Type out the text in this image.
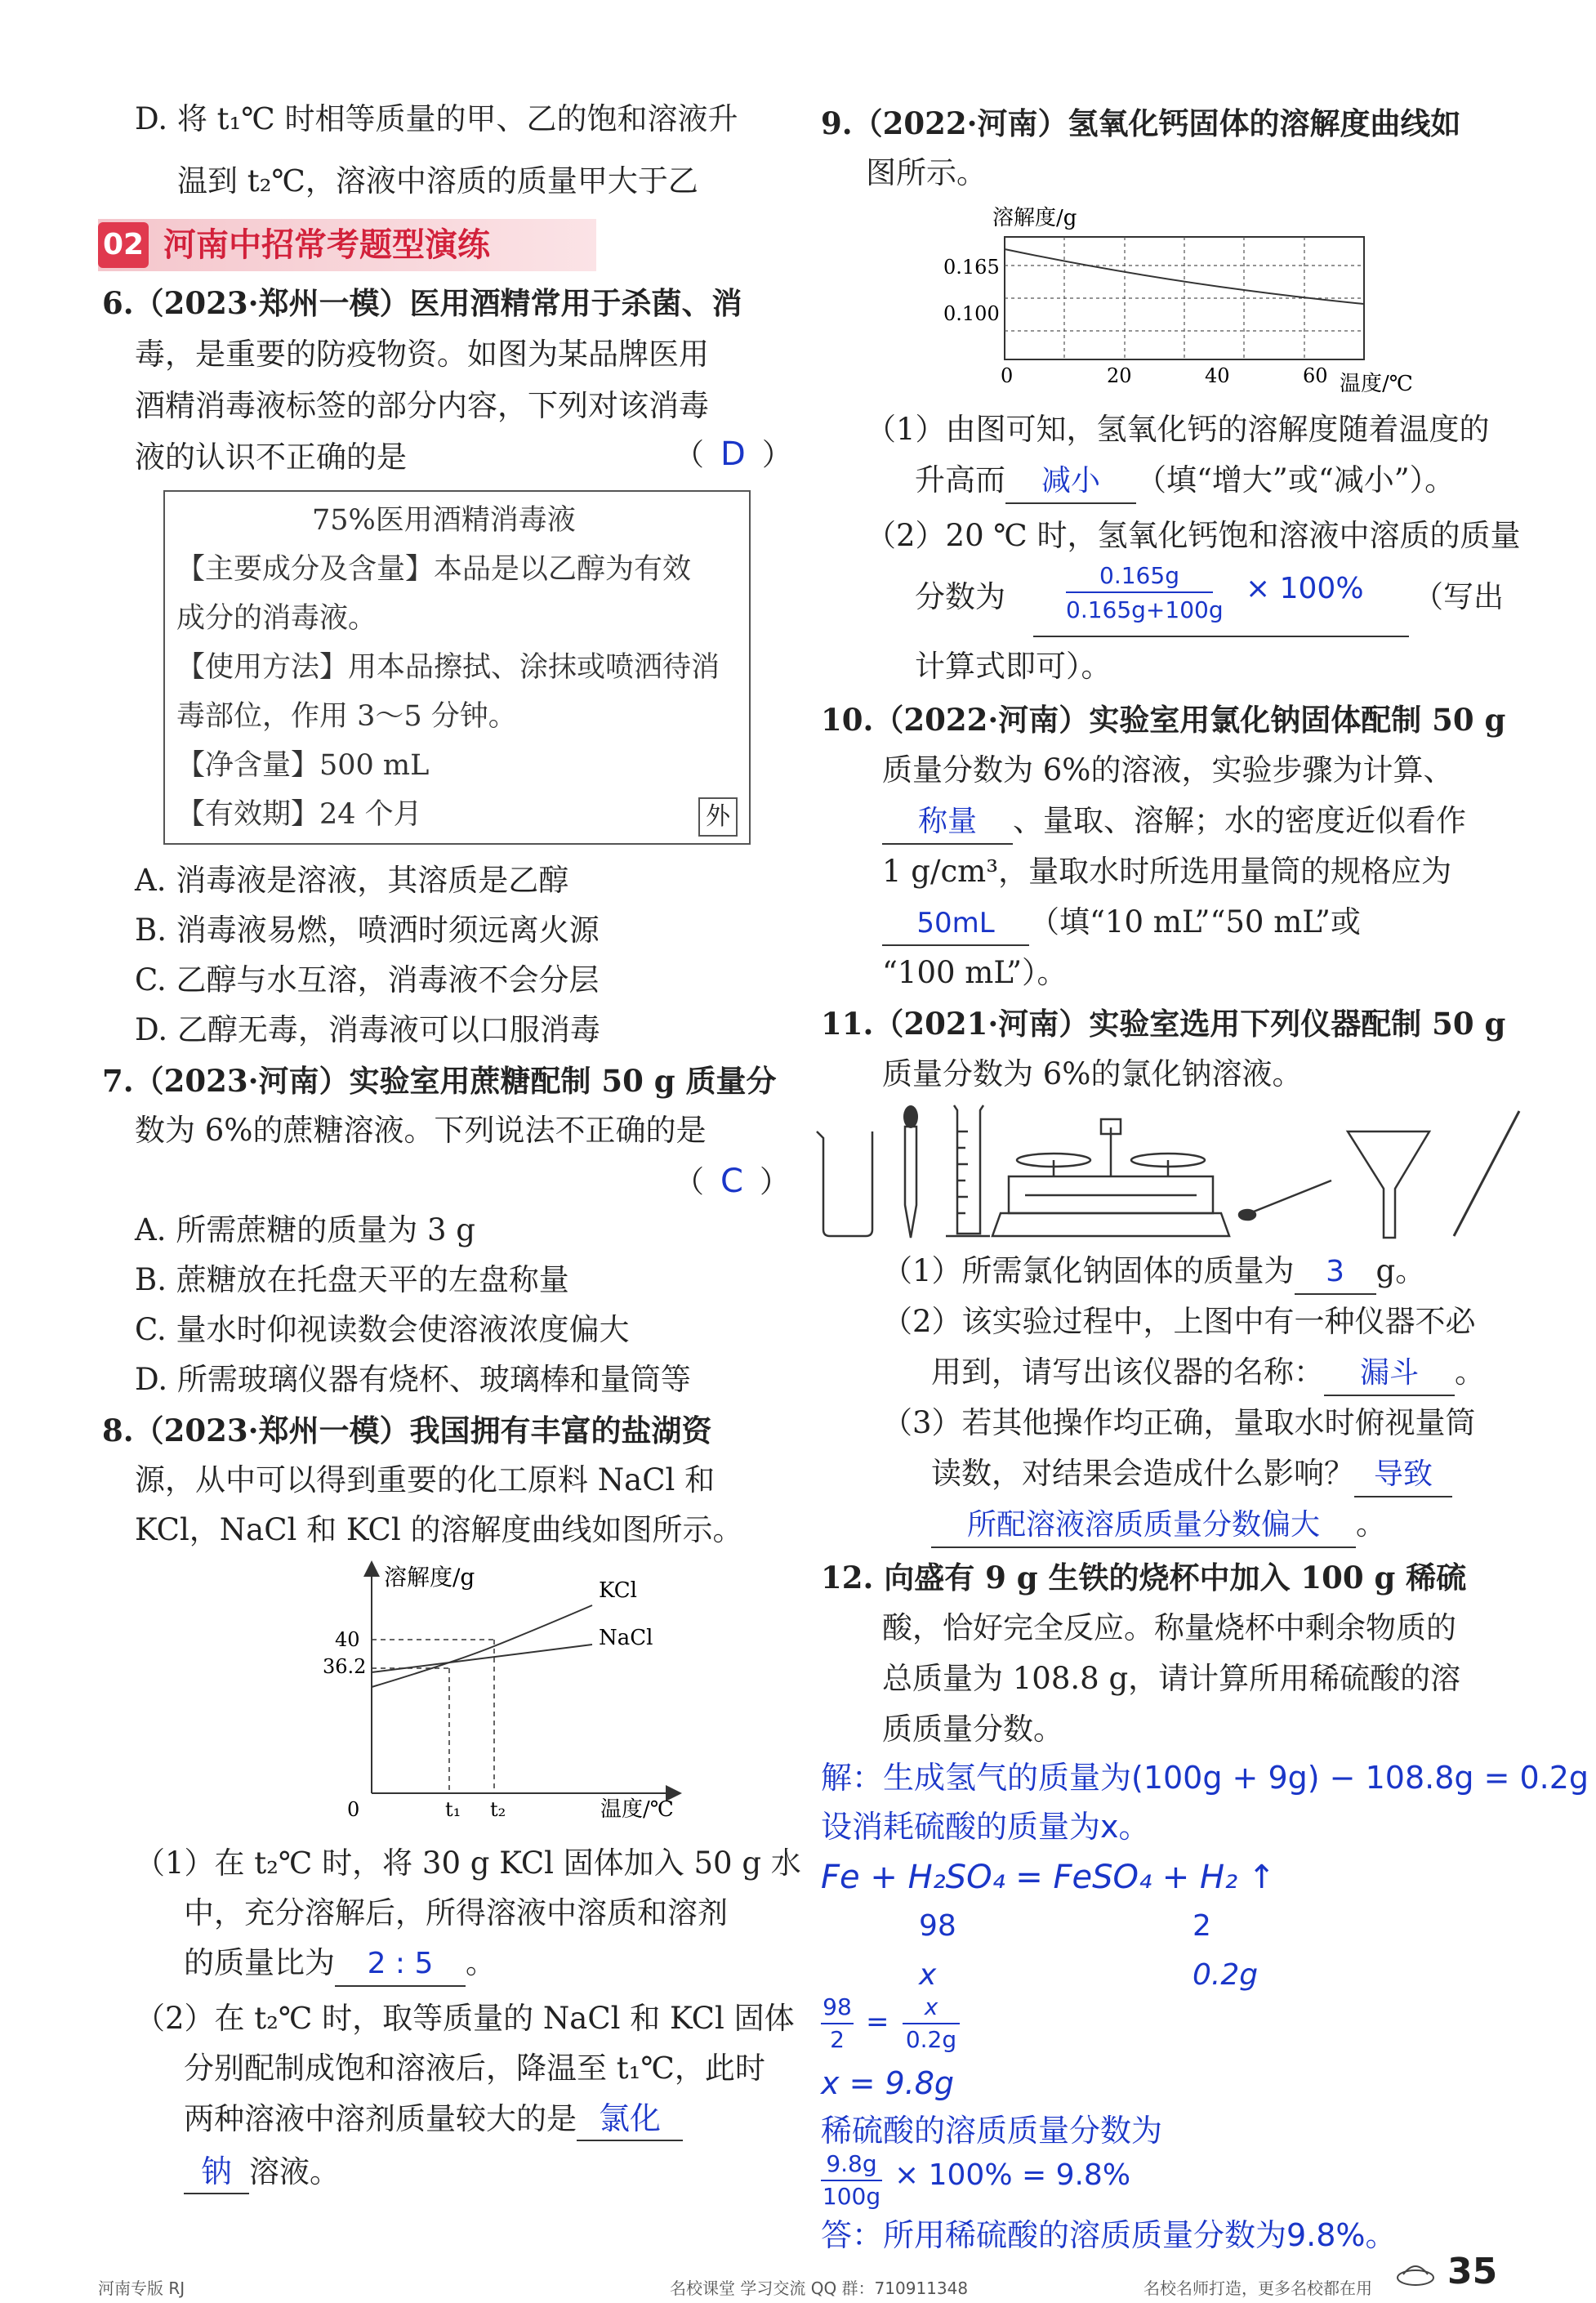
D. 将 t₁℃ 时相等质量的甲、乙的饱和溶液升
温到 t₂℃，溶液中溶质的质量甲大于乙
02 河南中招常考题型演练
6.（2023·郑州一模）医用酒精常用于杀菌、消
毒，是重要的防疫物资。如图为某品牌医用
酒精消毒液标签的部分内容，下列对该消毒
液的认识不正确的是	（ D ）
75%医用酒精消毒液
【主要成分及含量】本品是以乙醇为有效
成分的消毒液。
【使用方法】用本品擦拭、涂抹或喷洒待消
毒部位，作用 3～5 分钟。
【净含量】500 mL
【有效期】24 个月	外
A. 消毒液是溶液，其溶质是乙醇
B. 消毒液易燃，喷洒时须远离火源
C. 乙醇与水互溶，消毒液不会分层
D. 乙醇无毒，消毒液可以口服消毒
7.（2023·河南）实验室用蔗糖配制 50 g 质量分
数为 6%的蔗糖溶液。下列说法不正确的是
（ C ）
A. 所需蔗糖的质量为 3 g
B. 蔗糖放在托盘天平的左盘称量
C. 量水时仰视读数会使溶液浓度偏大
D. 所需玻璃仪器有烧杯、玻璃棒和量筒等
8.（2023·郑州一模）我国拥有丰富的盐湖资
源，从中可以得到重要的化工原料 NaCl 和
KCl，NaCl 和 KCl 的溶解度曲线如图所示。
溶解度/g
温度/℃
40
36.2
0	t₁ t₂
KCl
NaCl
（1）在 t₂℃ 时，将 30 g KCl 固体加入 50 g 水
中，充分溶解后，所得溶液中溶质和溶剂
的质量比为 2 : 5 。
（2）在 t₂℃ 时，取等质量的 NaCl 和 KCl 固体
分别配制成饱和溶液后，降温至 t₁℃，此时
两种溶液中溶剂质量较大的是 氯化
钠 溶液。
9.（2022·河南）氢氧化钙固体的溶解度曲线如
图所示。
溶解度/g
0.165
0.100
0	20	40	60 温度/℃
（1）由图可知，氢氧化钙的溶解度随着温度的
升高而 减小 （填“增大”或“减小”）。
（2）20 ℃ 时，氢氧化钙饱和溶液中溶质的质量
分数为
0.165g
0.165g+100g
× 100% （写出
计算式即可）。
10.（2022·河南）实验室用氯化钠固体配制 50 g
质量分数为 6%的溶液，实验步骤为计算、
称量 、量取、溶解；水的密度近似看作
1 g/cm³，量取水时所选用量筒的规格应为
50mL （填“10 mL”“50 mL”或
“100 mL”）。
11.（2021·河南）实验室选用下列仪器配制 50 g
质量分数为 6%的氯化钠溶液。
（1）所需氯化钠固体的质量为 3 g。
（2）该实验过程中，上图中有一种仪器不必
用到，请写出该仪器的名称： 漏斗 。
（3）若其他操作均正确，量取水时俯视量筒
读数，对结果会造成什么影响？ 导致
所配溶液溶质质量分数偏大 。
12. 向盛有 9 g 生铁的烧杯中加入 100 g 稀硫
酸，恰好完全反应。称量烧杯中剩余物质的
总质量为 108.8 g，请计算所用稀硫酸的溶
质质量分数。
解：生成氢气的质量为(100g + 9g) − 108.8g = 0.2g
设消耗硫酸的质量为x。
Fe + H₂SO₄ = FeSO₄ + H₂ ↑
98	2
x	0.2g
98
2
=	x
0.2g
x = 9.8g
稀硫酸的溶质质量分数为
9.8g
100g
× 100% = 9.8%
答：所用稀硫酸的溶质质量分数为9.8%。
河南专版 RJ	名校课堂 学习交流 QQ 群：710911348	名校名师打造，更多名校都在用 35
